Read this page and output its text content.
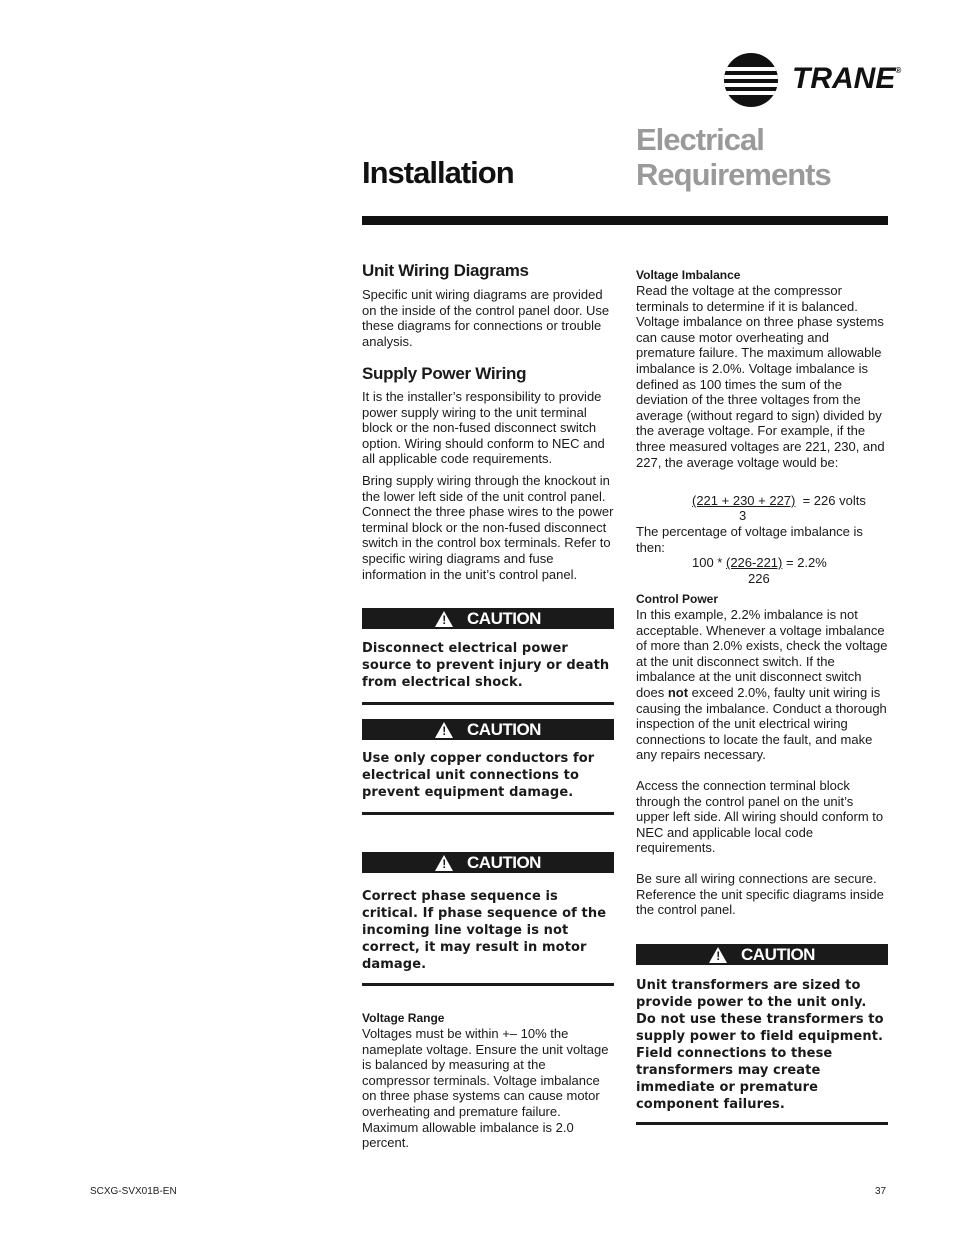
TRANE®
Installation
Electrical
Requirements

Unit Wiring Diagrams

Specific unit wiring diagrams are provided on the inside of the control panel door. Use these diagrams for connections or trouble analysis.

Supply Power Wiring

It is the installer’s responsibility to provide power supply wiring to the unit terminal block or the non-fused disconnect switch option. Wiring should conform to NEC and all applicable code requirements.

Bring supply wiring through the knockout in the lower left side of the unit control panel. Connect the three phase wires to the power terminal block or the non-fused disconnect switch in the control box terminals. Refer to specific wiring diagrams and fuse information in the unit’s control panel.

! CAUTION
Disconnect electrical power source to prevent injury or death from electrical shock.
! CAUTION
Use only copper conductors for electrical unit connections to prevent equipment damage.
! CAUTION
Correct phase sequence is critical. If phase sequence of the incoming line voltage is not correct, it may result in motor damage.

Voltage Range

Voltages must be within +– 10% the nameplate voltage. Ensure the unit voltage is balanced by measuring at the compressor terminals. Voltage imbalance on three phase systems can cause motor overheating and premature failure. Maximum allowable imbalance is 2.0 percent.

Voltage Imbalance

Read the voltage at the compressor terminals to determine if it is balanced. Voltage imbalance on three phase systems can cause motor overheating and premature failure. The maximum allowable imbalance is 2.0%. Voltage imbalance is defined as 100 times the sum of the deviation of the three voltages from the average (without regard to sign) divided by the average voltage. For example, if the three measured voltages are 221, 230, and 227, the average voltage would be:

(221 + 230 + 227) = 226 volts
3
The percentage of voltage imbalance is then:
100 * (226-221) = 2.2%
226

Control Power

In this example, 2.2% imbalance is not acceptable. Whenever a voltage imbalance of more than 2.0% exists, check the voltage at the unit disconnect switch. If the imbalance at the unit disconnect switch does not exceed 2.0%, faulty unit wiring is causing the imbalance. Conduct a thorough inspection of the unit electrical wiring connections to locate the fault, and make any repairs necessary.

Access the connection terminal block through the control panel on the unit’s upper left side. All wiring should conform to NEC and applicable local code requirements.

Be sure all wiring connections are secure. Reference the unit specific diagrams inside the control panel.

! CAUTION
Unit transformers are sized to provide power to the unit only. Do not use these transformers to supply power to field equipment. Field connections to these transformers may create immediate or premature component failures.
SCXG-SVX01B-EN	37
